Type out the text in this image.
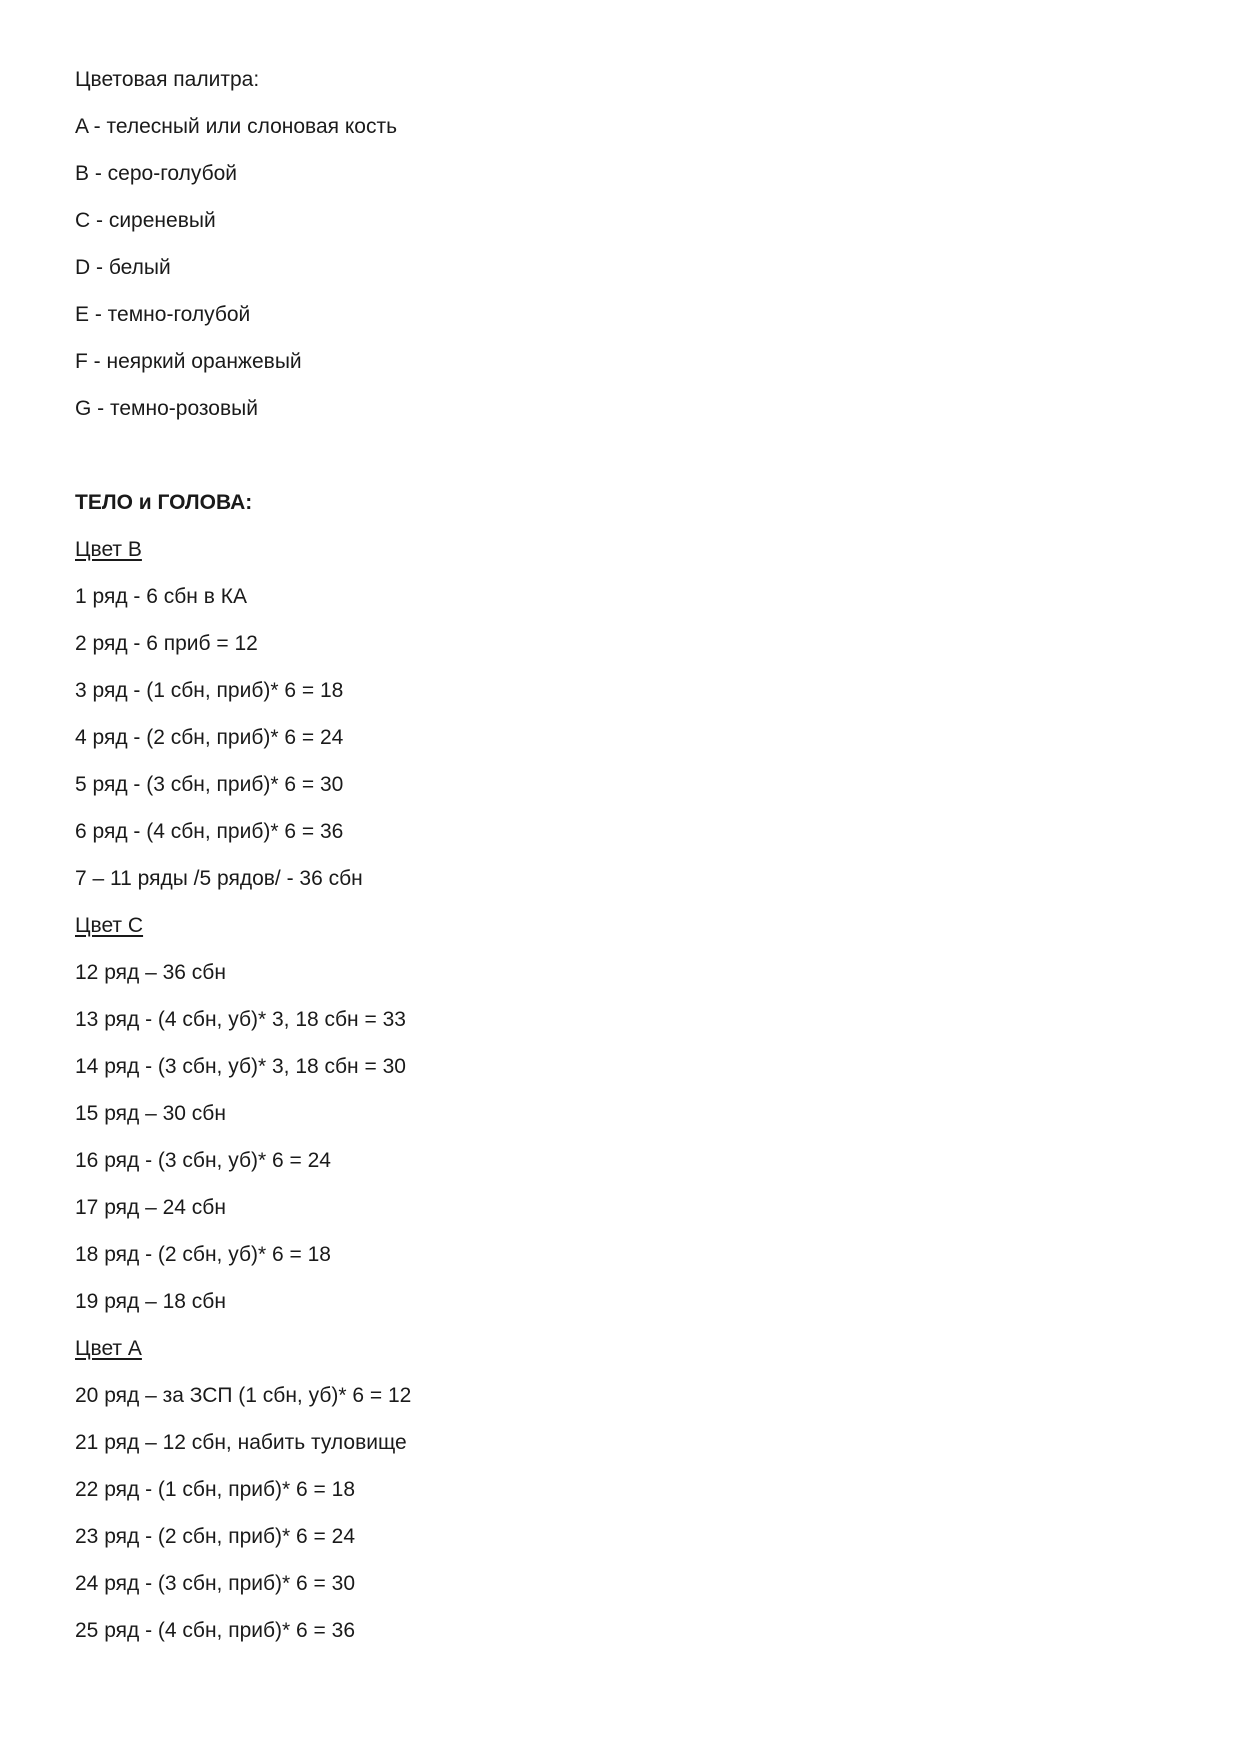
Цветовая палитра:
A - телесный или слоновая кость
B - серо-голубой
C - сиреневый
D - белый
E - темно-голубой
F - неяркий оранжевый
G - темно-розовый
ТЕЛО и ГОЛОВА:
Цвет В
1 ряд - 6 сбн в КА
2 ряд - 6 приб = 12
3 ряд - (1 сбн, приб)* 6 = 18
4 ряд - (2 сбн, приб)* 6 = 24
5 ряд - (3 сбн, приб)* 6 = 30
6 ряд - (4 сбн, приб)* 6 = 36
7 – 11 ряды /5 рядов/ - 36 сбн
Цвет С
12 ряд – 36 сбн
13 ряд - (4 сбн, уб)* 3, 18 сбн = 33
14 ряд - (3 сбн, уб)* 3, 18 сбн = 30
15 ряд – 30 сбн
16 ряд - (3 сбн, уб)* 6 = 24
17 ряд – 24 сбн
18 ряд - (2 сбн, уб)* 6 = 18
19 ряд – 18 сбн
Цвет А
20 ряд – за ЗСП (1 сбн, уб)* 6 = 12
21 ряд – 12 сбн, набить туловище
22 ряд - (1 сбн, приб)* 6 = 18
23 ряд - (2 сбн, приб)* 6 = 24
24 ряд - (3 сбн, приб)* 6 = 30
25 ряд - (4 сбн, приб)* 6 = 36
